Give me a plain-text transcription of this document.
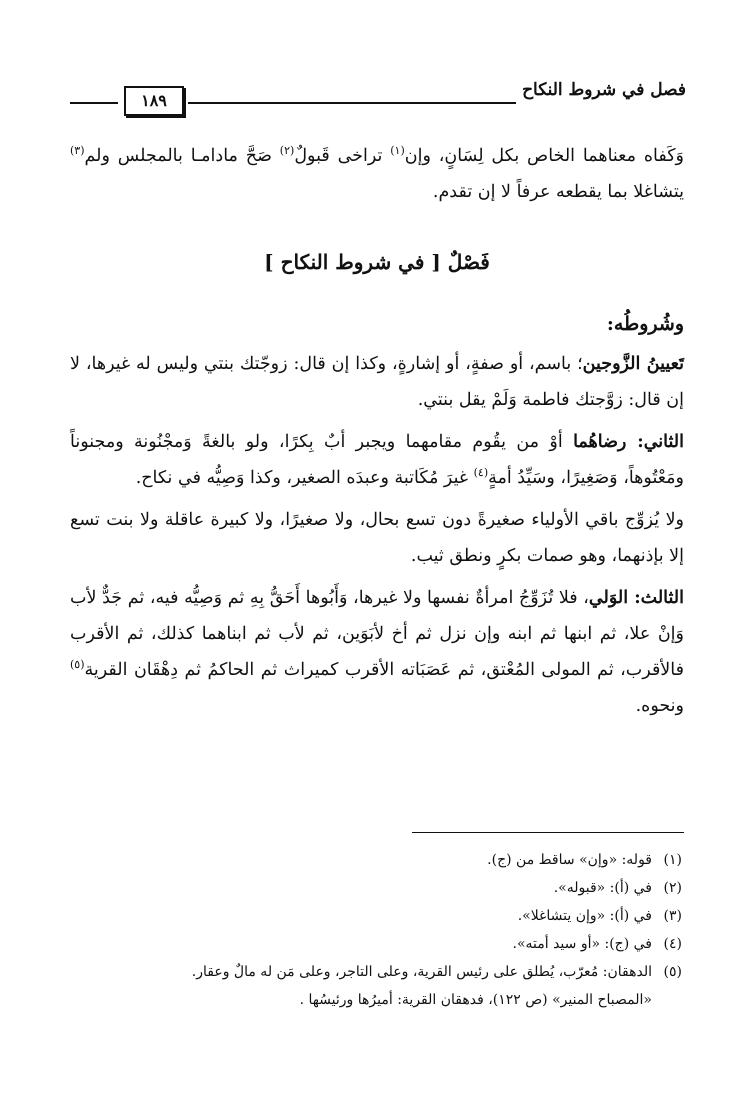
فصل في شروط النكاح
١٨٩

وَكَفاه معناهما الخاص بكل لِسَانٍ، وإن$^{(١)}$ تراخى قَبولٌ$^{(٢)}$ صَحَّ مادامـا بالمجلس ولم$^{(٣)}$ يتشاغلا بما يقطعه عرفاً لا إن تقدم.

فَصْلٌ [ في شروط النكاح ]
وشُروطُه:

تَعيينُ الزَّوجين؛ باسم، أو صفةٍ، أو إشارةٍ، وكذا إن قال: زوجّتك بنتي وليس له غيرها، لا إن قال: زوَّجتك فاطمة وَلَمْ يقل بنتي.

الثاني: رضاهُما أوْ من يقُوم مقامهما ويجبر أبٌ بِكرًا، ولو بالغةً وَمجْنُونة ومجنوناً ومَعْتُوهاً، وَصَغِيرًا، وسَيِّدُ أمةٍ$^{(٤)}$ غيرَ مُكَاتبة وعبدَه الصغير، وكذا وَصِيُّه في نكاح.

ولا يُزوِّج باقي الأولياء صغيرةً دون تسع بحال، ولا صغيرًا، ولا كبيرة عاقلة ولا بنت تسع إلا بإذنهما، وهو صمات بكرٍ ونطق ثيب.

الثالث: الوَلي، فلا تُزَوِّجُ امرأةٌ نفسها ولا غيرها، وَأَبُوها أَحَقُّ بِهِ ثم وَصِيُّه فيه، ثم جَدٌّ لأب وَإنْ علا، ثم ابنها ثم ابنه وإن نزل ثم أخ لأبَوَين، ثم لأب ثم ابناهما كذلك، ثم الأقرب فالأقرب، ثم المولى المُعْتق، ثم عَصَبَاته الأقرب كميراث ثم الحاكمُ ثم دِهْقَان القرية$^{(٥)}$ ونحوه.

(١)قوله: «وإن» ساقط من (ج).

(٢)في (أ): «قبوله».

(٣)في (أ): «وإن يتشاغلا».

(٤)في (ج): «أو سيد أمته».

(٥)الدهقان: مُعرّب، يُطلق على رئيس القرية، وعلى التاجر، وعلى مَن له مالٌ وعقار.

«المصباح المنير» (ص ١٢٢)، فدهقان القرية: أميرُها ورئيسُها .
